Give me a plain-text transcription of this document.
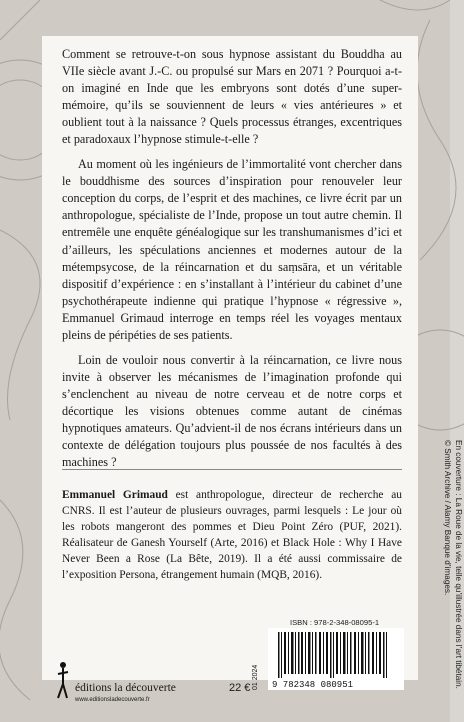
Comment se retrouve-t-on sous hypnose assistant du Bouddha au VIIe siècle avant J.-C. ou propulsé sur Mars en 2071 ? Pourquoi a-t-on imaginé en Inde que les embryons sont dotés d’une super-mémoire, qu’ils se souviennent de leurs « vies antérieures » et oublient tout à la naissance ? Quels processus étranges, excentriques et paradoxaux l’hypnose stimule-t-elle ?

Au moment où les ingénieurs de l’immortalité vont chercher dans le bouddhisme des sources d’inspiration pour renouveler leur conception du corps, de l’esprit et des machines, ce livre écrit par un anthropologue, spécialiste de l’Inde, propose un tout autre chemin. Il entremêle une enquête généalogique sur les transhumanismes d’ici et d’ailleurs, les spéculations anciennes et modernes autour de la métempsycose, de la réincarnation et du saṃsāra, et un véritable dispositif d’expérience : en s’installant à l’intérieur du cabinet d’une psychothérapeute indienne qui pratique l’hypnose « régressive », Emmanuel Grimaud interroge en temps réel les voyages mentaux pleins de péripéties de ses patients.

Loin de vouloir nous convertir à la réincarnation, ce livre nous invite à observer les mécanismes de l’imagination profonde qui s’enclenchent au niveau de notre cerveau et de notre corps et décortique les visions obtenues comme autant de cinémas hypnotiques amateurs. Qu’advient-il de nos écrans intérieurs dans un contexte de délégation toujours plus poussée de nos facultés à des machines ?

Emmanuel Grimaud est anthropologue, directeur de recherche au CNRS. Il est l’auteur de plusieurs ouvrages, parmi lesquels : Le jour où les robots mangeront des pommes et Dieu Point Zéro (PUF, 2021). Réalisateur de Ganesh Yourself (Arte, 2016) et Black Hole : Why I Have Never Been a Rose (La Bête, 2019). Il a été aussi commissaire de l’exposition Persona, étrangement humain (MQB, 2016).	En couverture : La Roue de la vie, telle qu’illustrée dans l’art tibétain.
© Smith Archive / Alamy Banque d’images.
ISBN : 978-2-348-08095-1
9 782348 080951
01 2024
22 €
éditions la découverte
www.editionsladecouverte.fr
